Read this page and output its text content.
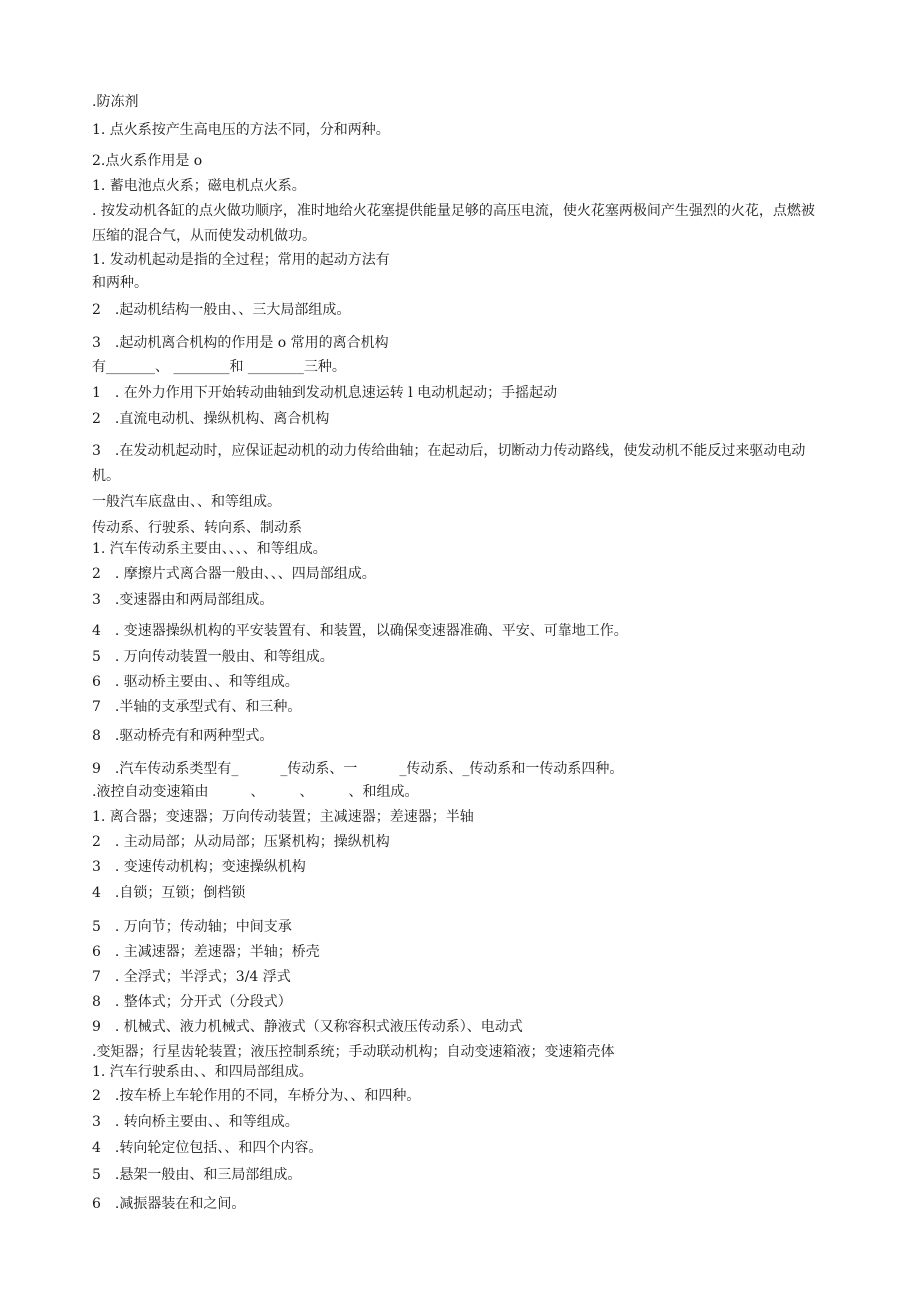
.防冻剂
1. 点火系按产生高电压的方法不同，分和两种。
2.点火系作用是 o
1. 蓄电池点火系；磁电机点火系。
. 按发动机各缸的点火做功顺序，准时地给火花塞提供能量足够的高压电流，使火花塞两极间产生强烈的火花，点燃被压缩的混合气，从而使发动机做功。
1. 发动机起动是指的全过程；常用的起动方法有
和两种。
2　.起动机结构一般由、、三大局部组成。
3　.起动机离合机构的作用是 o 常用的离合机构
有_______、 ________和 ________三种。
1　. 在外力作用下开始转动曲轴到发动机息速运转 l 电动机起动；手摇起动
2　.直流电动机、操纵机构、离合机构
3　.在发动机起动时，应保证起动机的动力传给曲轴；在起动后，切断动力传动路线，使发动机不能反过来驱动电动机。
一般汽车底盘由、、和等组成。
传动系、行驶系、转向系、制动系
1. 汽车传动系主要由、、、、和等组成。
2　. 摩擦片式离合器一般由、、、四局部组成。
3　.变速器由和两局部组成。
4　. 变速器操纵机构的平安装置有、和装置，以确保变速器准确、平安、可靠地工作。
5　. 万向传动装置一般由、和等组成。
6　. 驱动桥主要由、、和等组成。
7　.半轴的支承型式有、和三种。
8　.驱动桥壳有和两种型式。
9　.汽车传动系类型有_　　　_传动系、一　　　_传动系、_传动系和一传动系四种。
.液控自动变速箱由　　　、　　　、　　　、和组成。
1. 离合器；变速器；万向传动装置；主减速器；差速器；半轴
2　. 主动局部；从动局部；压紧机构；操纵机构
3　. 变速传动机构；变速操纵机构
4　.自锁；互锁；倒档锁
5　. 万向节；传动轴；中间支承
6　. 主减速器；差速器；半轴；桥壳
7　. 全浮式；半浮式；3/4 浮式
8　. 整体式；分开式（分段式）
9　. 机械式、液力机械式、静液式（又称容积式液压传动系）、电动式
.变矩器；行星齿轮装置；液压控制系统；手动联动机构；自动变速箱液；变速箱壳体
1. 汽车行驶系由、、和四局部组成。
2　.按车桥上车轮作用的不同，车桥分为、、和四种。
3　. 转向桥主要由、、和等组成。
4　.转向轮定位包括、、和四个内容。
5　.悬架一般由、和三局部组成。
6　.减振器装在和之间。
